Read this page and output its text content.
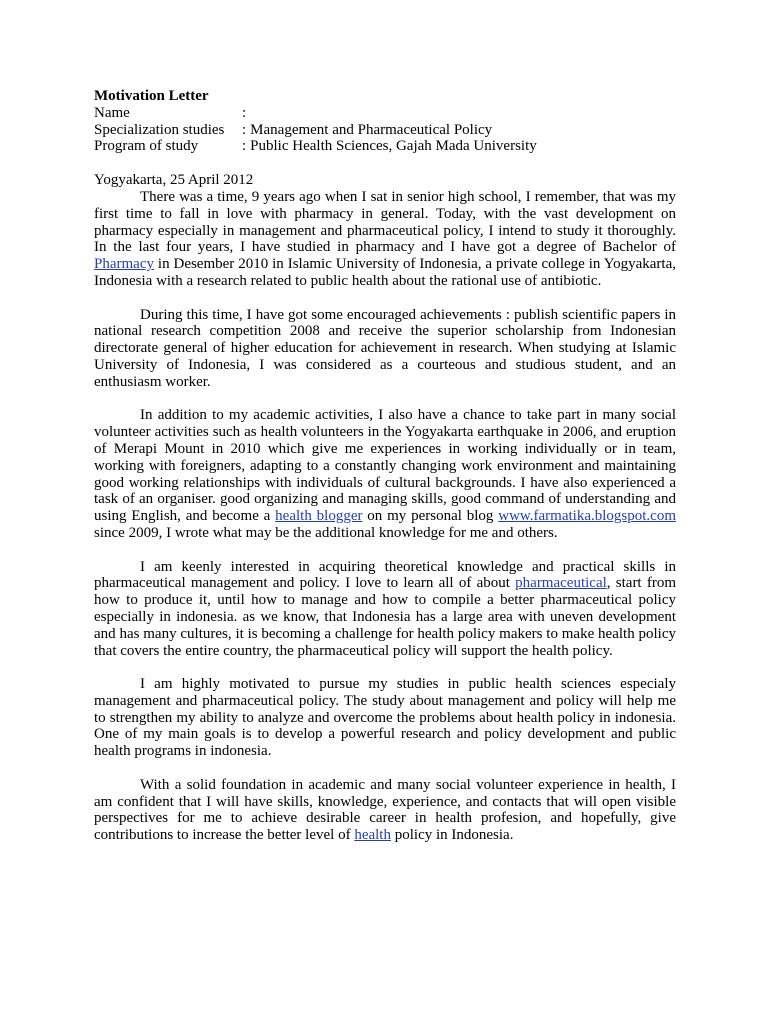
Motivation Letter
Name	:
Specialization studies	: Management and Pharmaceutical Policy
Program of study	: Public Health Sciences, Gajah Mada University
Yogyakarta, 25 April 2012

There was a time, 9 years ago when I sat in senior high school, I remember, that was my first time to fall in love with pharmacy in general. Today, with the vast development on pharmacy especially in management and pharmaceutical policy, I intend to study it thoroughly. In the last four years, I have studied in pharmacy and I have got a degree of Bachelor of Pharmacy in Desember 2010 in Islamic University of Indonesia, a private college in Yogyakarta, Indonesia with a research related to public health about the rational use of antibiotic.

During this time, I have got some encouraged achievements : publish scientific papers in national research competition 2008 and receive the superior scholarship from Indonesian directorate general of higher education for achievement in research. When studying at Islamic University of Indonesia, I was considered as a courteous and studious student, and an enthusiasm worker.

In addition to my academic activities, I also have a chance to take part in many social volunteer activities such as health volunteers in the Yogyakarta earthquake in 2006, and eruption of Merapi Mount in 2010 which give me experiences in working individually or in team, working with foreigners, adapting to a constantly changing work environment and maintaining good working relationships with individuals of cultural backgrounds. I have also experienced a task of an organiser. good organizing and managing skills, good command of understanding and using English, and become a health blogger on my personal blog www.farmatika.blogspot.com since 2009, I wrote what may be the additional knowledge for me and others.

I am keenly interested in acquiring theoretical knowledge and practical skills in pharmaceutical management and policy. I love to learn all of about pharmaceutical, start from how to produce it, until how to manage and how to compile a better pharmaceutical policy especially in indonesia. as we know, that Indonesia has a large area with uneven development and has many cultures, it is becoming a challenge for health policy makers to make health policy that covers the entire country, the pharmaceutical policy will support the health policy.

I am highly motivated to pursue my studies in public health sciences especialy management and pharmaceutical policy. The study about management and policy will help me to strengthen my ability to analyze and overcome the problems about health policy in indonesia. One of my main goals is to develop a powerful research and policy development and public health programs in indonesia.

With a solid foundation in academic and many social volunteer experience in health, I am confident that I will have skills, knowledge, experience, and contacts that will open visible perspectives for me to achieve desirable career in health profesion, and hopefully, give contributions to increase the better level of health policy in Indonesia.
